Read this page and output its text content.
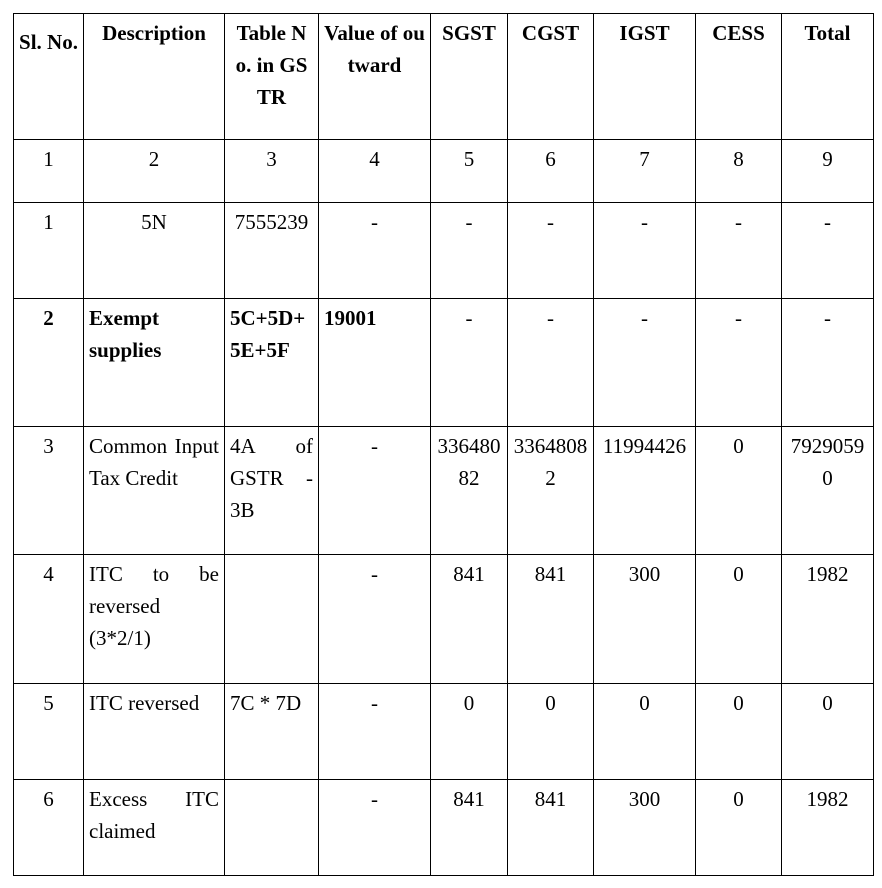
Sl. No.	Description	Table No. in GSTR	Value of outward	SGST	CGST	IGST	CESS	Total
1	2	3	4	5	6	7	8	9
1	5N	7555239	-	-	-	-	-	-
2	Exempt supplies	5C+5D+5E+5F	19001	-	-	-	-	-
3	Common Input Tax Credit	4A of GSTR - 3B	-	33648082	33648082	11994426	0	79290590
4	ITC to be reversed (3*2/1)		-	841	841	300	0	1982
5	ITC reversed	7C * 7D	-	0	0	0	0	0
6	Excess ITC claimed		-	841	841	300	0	1982
